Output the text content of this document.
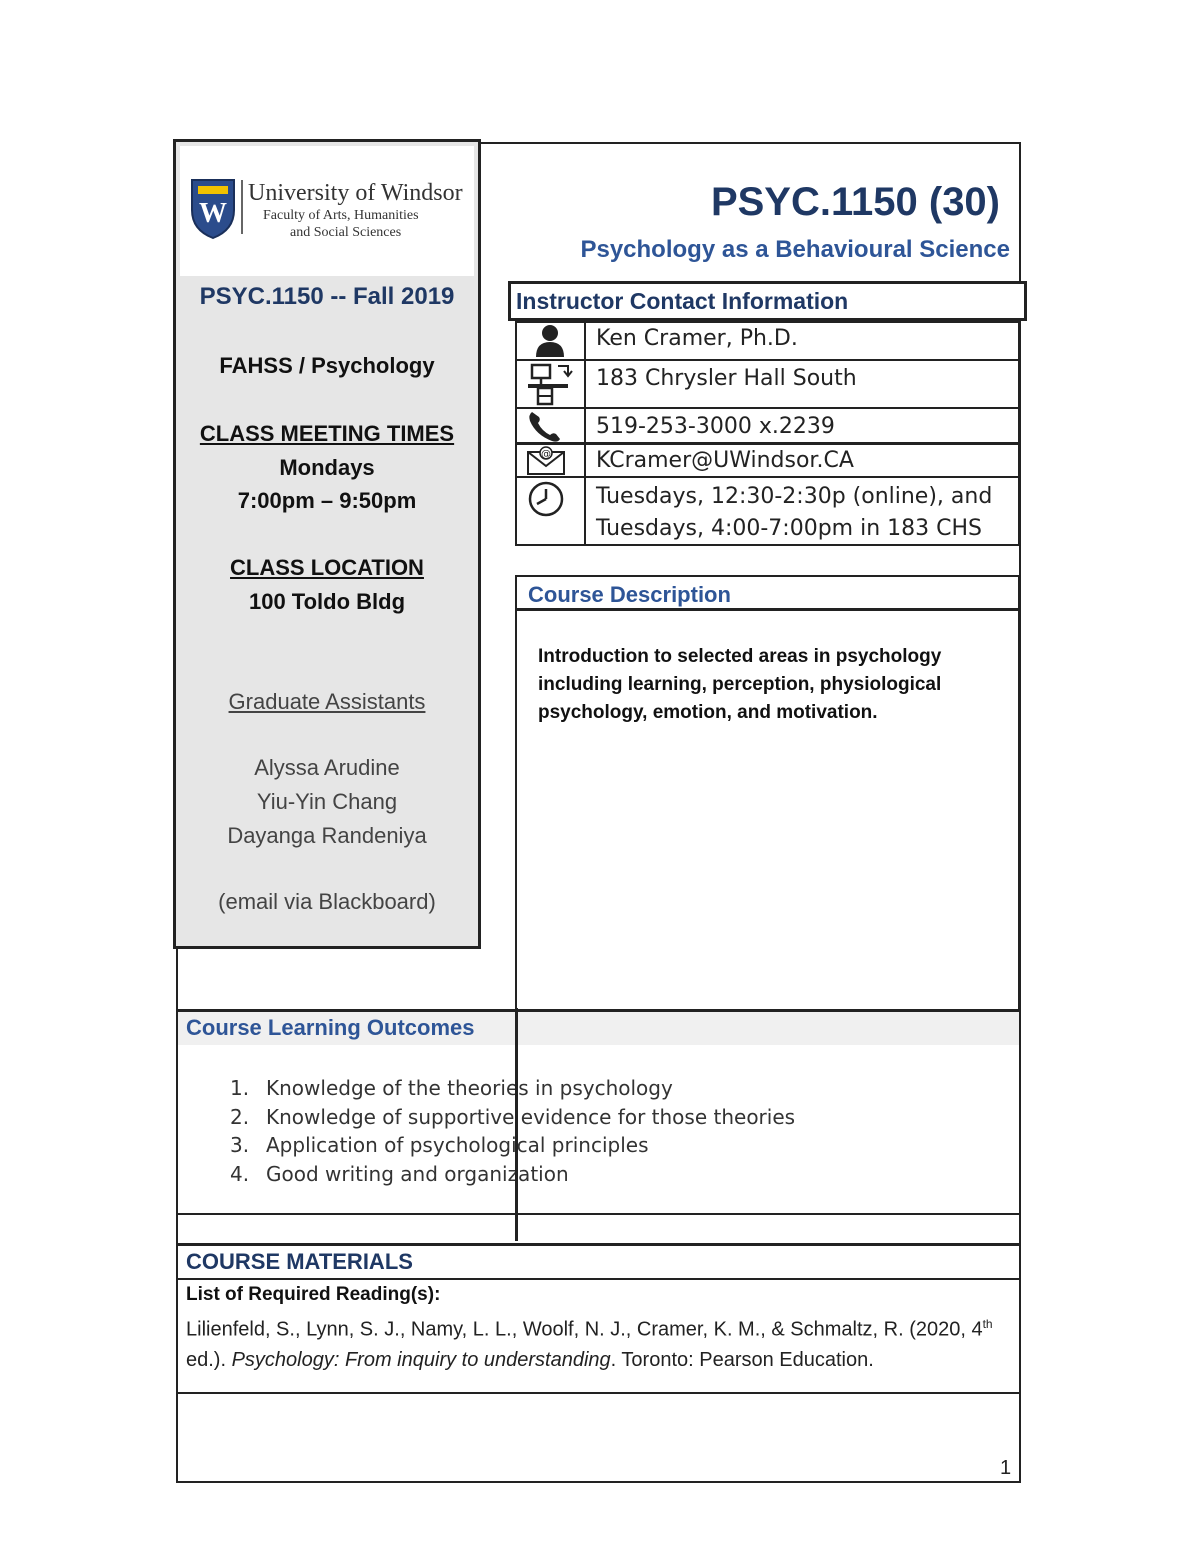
W
University of Windsor
Faculty of Arts, Humanities
and Social Sciences
PSYC.1150 -- Fall 2019
FAHSS / Psychology
CLASS MEETING TIMES
Mondays
7:00pm – 9:50pm
CLASS LOCATION
100 Toldo Bldg
Graduate Assistants
Alyssa Arudine
Yiu-Yin Chang
Dayanga Randeniya
(email via Blackboard)
PSYC.1150 (30)
Psychology as a Behavioural Science
Instructor Contact Information
@
Ken Cramer, Ph.D.
183 Chrysler Hall South
519-253-3000 x.2239
KCramer@UWindsor.CA
Tuesdays, 12:30-2:30p (online), and
Tuesdays, 4:00-7:00pm in 183 CHS
Course Description
Introduction to selected areas in psychology including learning, perception, physiological psychology, emotion, and motivation.
Course Learning Outcomes
1. Knowledge of the theories in psychology
2. Knowledge of supportive evidence for those theories
3. Application of psychological principles
4. Good writing and organization
COURSE MATERIALS
List of Required Reading(s):
Lilienfeld, S., Lynn, S. J., Namy, L. L., Woolf, N. J., Cramer, K. M., & Schmaltz, R. (2020, 4th ed.). Psychology: From inquiry to understanding. Toronto: Pearson Education.
1
